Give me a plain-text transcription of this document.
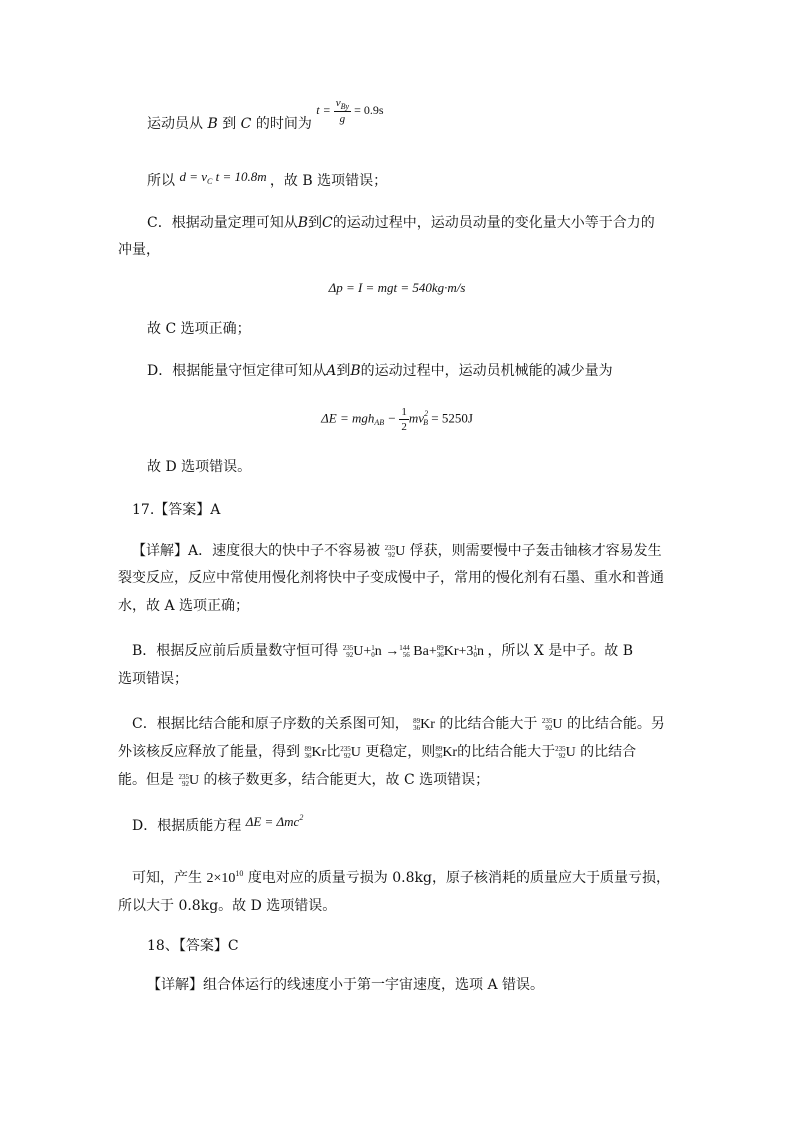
运动员从 B 到 C 的时间为 $t = \frac{v_{By}}{g} = 0.9s$
所以 $d = v_C$ t = 10.8m ，故 B 选项错误；
C．根据动量定理可知从B到C的运动过程中，运动员动量的变化量大小等于合力的
冲量，
Δp = I = mgt = 540kg·m/s
故 C 选项正确；
D．根据能量守恒定律可知从A到B的运动过程中，运动员机械能的减少量为
$\Delta E = mgh_{AB} - \frac{1}{2} mv^2_B = 5250J$
故 D 选项错误。
17.【答案】A
【详解】A．速度很大的快中子不容易被 235
92 U 俘获，则需要慢中子轰击铀核才容易发生
裂变反应，反应中常使用慢化剂将快中子变成慢中子，常用的慢化剂有石墨、重水和普通
水，故 A 选项正确；
B．根据反应前后质量数守恒可得 235
92 U+ 1
0 n → 144
56 Ba+ 89
36 Kr+3 1
0 n ，所以 X 是中子。故 B
选项错误；
C．根据比结合能和原子序数的关系图可知， 89
36 Kr 的比结合能大于 235
92 U 的比结合能。另
外该核反应释放了能量，得到 89
36 Kr比 235
92 U 更稳定，则 89
36 Kr的比结合能大于 235
92 U 的比结合
能。但是 235
92 U 的核子数更多，结合能更大，故 C 选项错误；
D．根据质能方程 ΔE = Δmc$^2$
可知，产生 $2\times 10^{10}$ 度电对应的质量亏损为 0.8kg，原子核消耗的质量应大于质量亏损，
所以大于 0.8kg。故 D 选项错误。
18、【答案】C
【详解】组合体运行的线速度小于第一宇宙速度，选项 A 错误。
